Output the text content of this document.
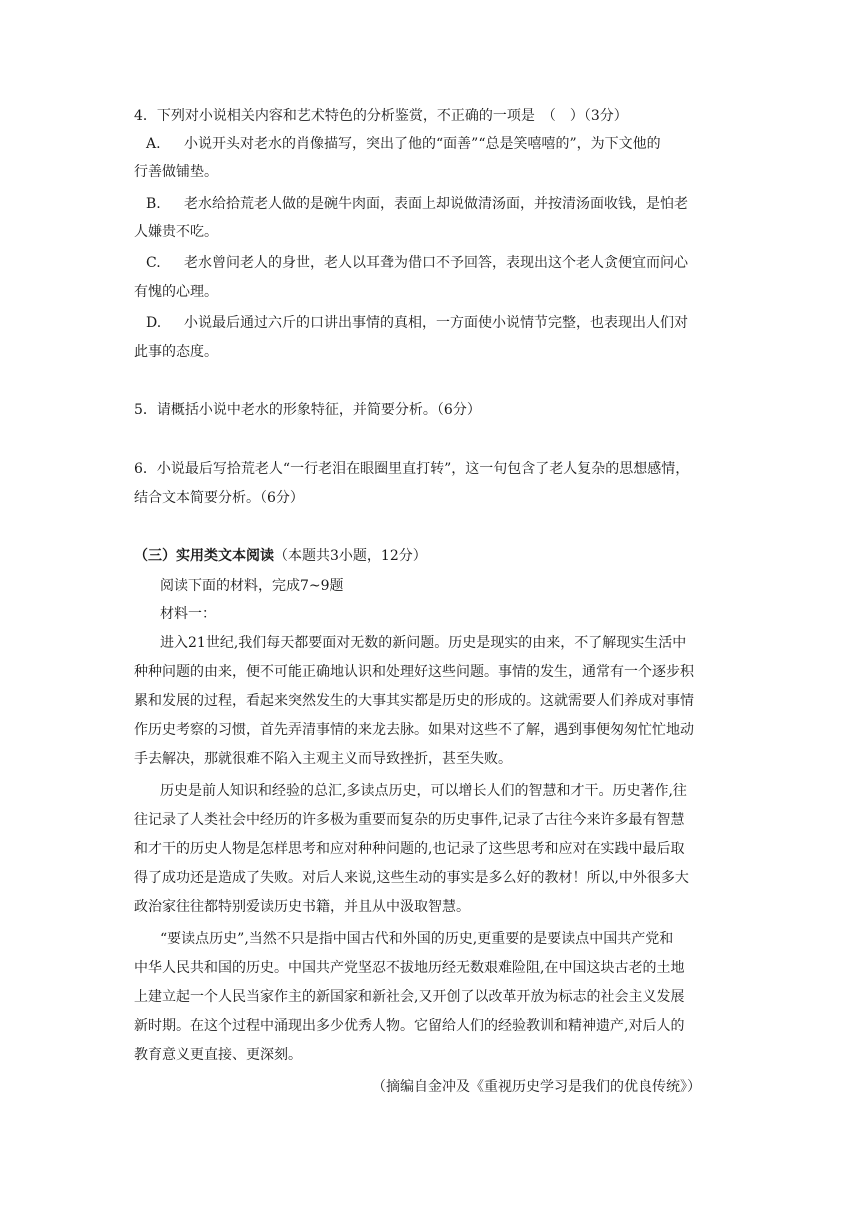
4．下列对小说相关内容和艺术特色的分析鉴赏，不正确的一项是　（　）（3分）
A. 小说开头对老水的肖像描写，突出了他的“面善”“总是笑嘻嘻的”，为下文他的
行善做铺垫。
B. 老水给拾荒老人做的是碗牛肉面，表面上却说做清汤面，并按清汤面收钱，是怕老
人嫌贵不吃。
C. 老水曾问老人的身世，老人以耳聋为借口不予回答，表现出这个老人贪便宜而问心
有愧的心理。
D. 小说最后通过六斤的口讲出事情的真相，一方面使小说情节完整，也表现出人们对
此事的态度。
5．请概括小说中老水的形象特征，并简要分析。（6分）
6．小说最后写拾荒老人“一行老泪在眼圈里直打转”，这一句包含了老人复杂的思想感情，
结合文本简要分析。（6分）
（三）实用类文本阅读（本题共3小题，12分）
阅读下面的材料，完成7~9题
材料一：
进入21世纪,我们每天都要面对无数的新问题。历史是现实的由来，不了解现实生活中
种种问题的由来，便不可能正确地认识和处理好这些问题。事情的发生，通常有一个逐步积
累和发展的过程，看起来突然发生的大事其实都是历史的形成的。这就需要人们养成对事情
作历史考察的习惯，首先弄清事情的来龙去脉。如果对这些不了解，遇到事便匆匆忙忙地动
手去解决，那就很难不陷入主观主义而导致挫折，甚至失败。
历史是前人知识和经验的总汇,多读点历史，可以增长人们的智慧和才干。历史著作,往
往记录了人类社会中经历的许多极为重要而复杂的历史事件,记录了古往今来许多最有智慧
和才干的历史人物是怎样思考和应对种种问题的,也记录了这些思考和应对在实践中最后取
得了成功还是造成了失败。对后人来说,这些生动的事实是多么好的教材！所以,中外很多大
政治家往往都特别爱读历史书籍，并且从中汲取智慧。
“要读点历史”,当然不只是指中国古代和外国的历史,更重要的是要读点中国共产党和
中华人民共和国的历史。中国共产党坚忍不拔地历经无数艰难险阻,在中国这块古老的土地
上建立起一个人民当家作主的新国家和新社会,又开创了以改革开放为标志的社会主义发展
新时期。在这个过程中涌现出多少优秀人物。它留给人们的经验教训和精神遗产,对后人的
教育意义更直接、更深刻。
（摘编自金冲及《重视历史学习是我们的优良传统》）
